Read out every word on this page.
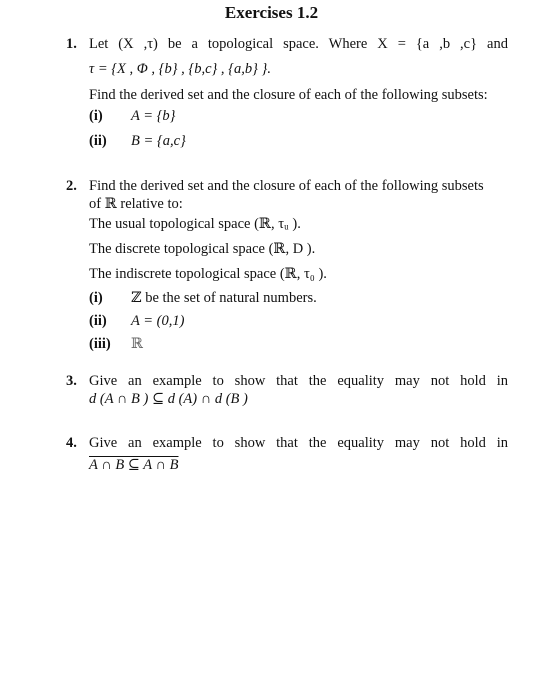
Exercises 1.2
1. Let (X ,τ) be a topological space. Where X = {a ,b ,c} and
τ = {X , Φ , {b} , {b,c} , {a,b} }.
Find the derived set and the closure of each of the following subsets:
(i) A = {b}
(ii) B = {a,c}
2. Find the derived set and the closure of each of the following subsets
of ℝ relative to:
The usual topological space (ℝ, τᵤ ).
The discrete topological space (ℝ, D ).
The indiscrete topological space (ℝ, τ₀ ).
(i) ℤ be the set of natural numbers.
(ii) A = (0,1)
(iii) ℝ
3. Give an example to show that the equality may not hold in
d (A ∩ B ) ⊆ d (A) ∩ d (B )
4. Give an example to show that the equality may not hold in
A ∩ B ⊆ A ∩ B
